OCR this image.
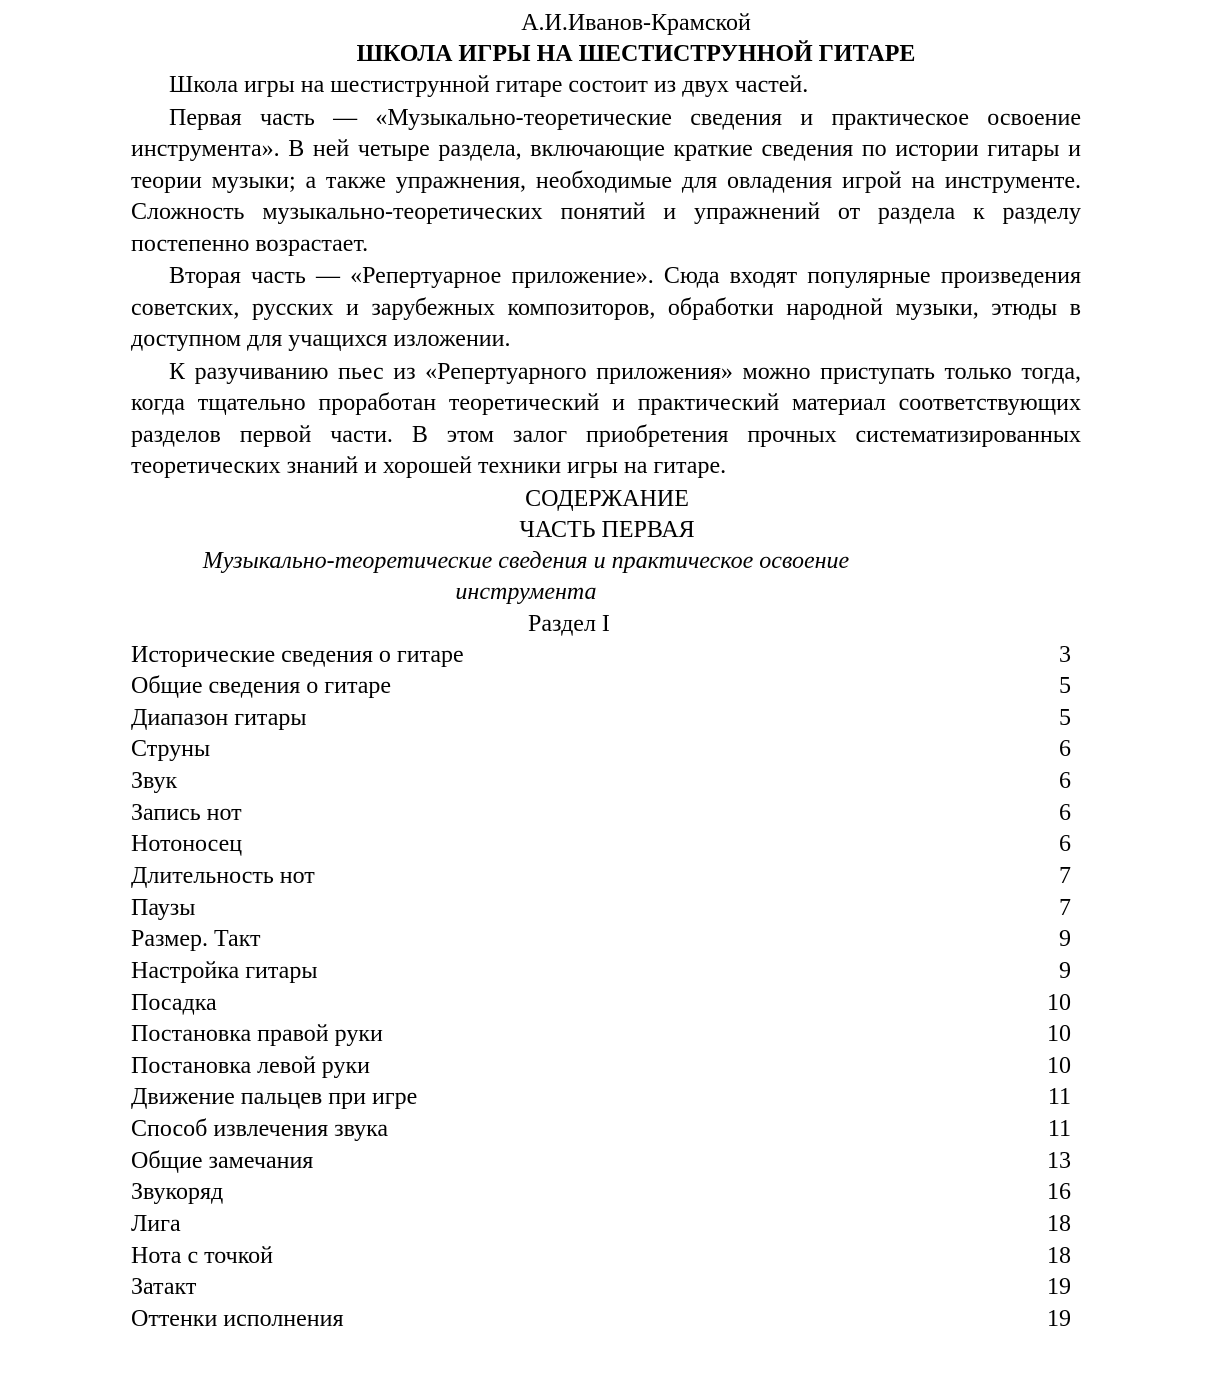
А.И.Иванов-Крамской
ШКОЛА ИГРЫ НА ШЕСТИСТРУННОЙ ГИТАРЕ

Школа игры на шестиструнной гитаре состоит из двух частей.

Первая часть — «Музыкально-теоретические сведения и практическое освоение инструмента». В ней четыре раздела, включающие краткие сведения по истории гитары и теории музыки; а также упражнения, необходимые для овладения игрой на инструменте. Сложность музыкально-теоретических понятий и упражнений от раздела к разделу постепенно возрастает.

Вторая часть — «Репертуарное приложение». Сюда входят популярные произведения советских, русских и зарубежных композиторов, обработки народной музыки, этюды в доступном для учащихся изложении.

К разучиванию пьес из «Репертуарного приложения» можно приступать только тогда, когда тщательно проработан теоретический и практический материал соответствующих разделов первой части. В этом залог приобретения прочных систематизированных теоретических знаний и хорошей техники игры на гитаре.

СОДЕРЖАНИЕ
ЧАСТЬ ПЕРВАЯ
Музыкально-теоретические сведения и практическое освоение инструмента
Раздел I
Исторические сведения о гитаре	3
Общие сведения о гитаре	5
Диапазон гитары	5
Струны	6
Звук	6
Запись нот	6
Нотоносец	6
Длительность нот	7
Паузы	7
Размер. Такт	9
Настройка гитары	9
Посадка	10
Постановка правой руки	10
Постановка левой руки	10
Движение пальцев при игре	11
Способ извлечения звука	11
Общие замечания	13
Звукоряд	16
Лига	18
Нота с точкой	18
Затакт	19
Оттенки исполнения	19
